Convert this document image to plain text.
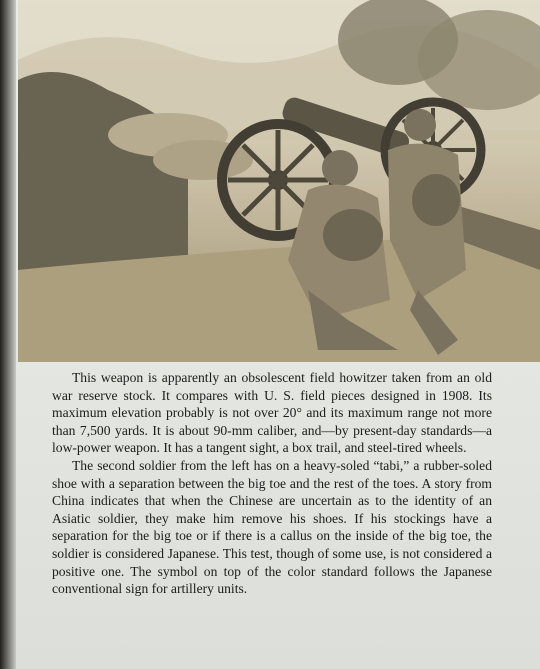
This weapon is apparently an obsolescent field howitzer taken from an old war reserve stock. It compares with U. S. field pieces designed in 1908. Its maximum elevation probably is not over 20° and its maximum range not more than 7,500 yards. It is about 90-mm caliber, and—by present-day standards—a low-power weapon. It has a tangent sight, a box trail, and steel-tired wheels.

The second soldier from the left has on a heavy-soled “tabi,” a rubber-soled shoe with a separation between the big toe and the rest of the toes. A story from China indicates that when the Chinese are uncertain as to the identity of an Asiatic soldier, they make him remove his shoes. If his stockings have a separation for the big toe or if there is a callus on the inside of the big toe, the soldier is considered Japanese. This test, though of some use, is not considered a positive one. The symbol on top of the color standard follows the Japanese conventional sign for artillery units.
